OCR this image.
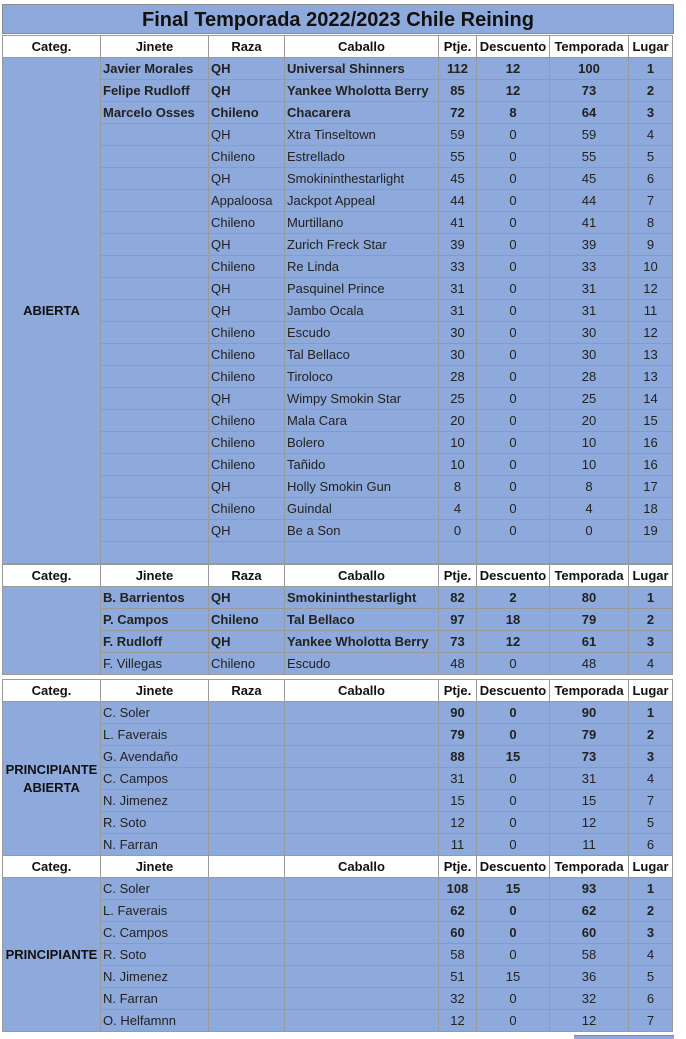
Final Temporada 2022/2023 Chile Reining
Categ.	Jinete	Raza	Caballo	Ptje.	Descuento	Temporada	Lugar
ABIERTA	Javier Morales	QH	Universal Shinners	112	12	100	1
	Felipe Rudloff	QH	Yankee Wholotta Berry	85	12	73	2
	Marcelo Osses	Chileno	Chacarera	72	8	64	3
		QH	Xtra Tinseltown	59	0	59	4
		Chileno	Estrellado	55	0	55	5
		QH	Smokininthestarlight	45	0	45	6
		Appaloosa	Jackpot Appeal	44	0	44	7
		Chileno	Murtillano	41	0	41	8
		QH	Zurich Freck Star	39	0	39	9
		Chileno	Re Linda	33	0	33	10
		QH	Pasquinel Prince	31	0	31	12
		QH	Jambo Ocala	31	0	31	11
		Chileno	Escudo	30	0	30	12
		Chileno	Tal Bellaco	30	0	30	13
		Chileno	Tiroloco	28	0	28	13
		QH	Wimpy Smokin Star	25	0	25	14
		Chileno	Mala Cara	20	0	20	15
		Chileno	Bolero	10	0	10	16
		Chileno	Tañido	10	0	10	16
		QH	Holly Smokin Gun	8	0	8	17
		Chileno	Guindal	4	0	4	18
		QH	Be a Son	0	0	0	19

Categ.	Jinete	Raza	Caballo	Ptje.	Descuento	Temporada	Lugar
	B. Barrientos	QH	Smokininthestarlight	82	2	80	1
	P. Campos	Chileno	Tal Bellaco	97	18	79	2
	F. Rudloff	QH	Yankee Wholotta Berry	73	12	61	3
	F. Villegas	Chileno	Escudo	48	0	48	4
Categ.	Jinete	Raza	Caballo	Ptje.	Descuento	Temporada	Lugar
PRINCIPIANTE ABIERTA	C. Soler			90	0	90	1
	L. Faverais			79	0	79	2
	G. Avendaño			88	15	73	3
	C. Campos			31	0	31	4
	N. Jimenez			15	0	15	7
	R. Soto			12	0	12	5
	N. Farran			11	0	11	6
Categ.	Jinete		Caballo	Ptje.	Descuento	Temporada	Lugar
PRINCIPIANTE	C. Soler			108	15	93	1
	L. Faverais			62	0	62	2
	C. Campos			60	0	60	3
	R. Soto			58	0	58	4
	N. Jimenez			51	15	36	5
	N. Farran			32	0	32	6
	O. Helfamnn			12	0	12	7
